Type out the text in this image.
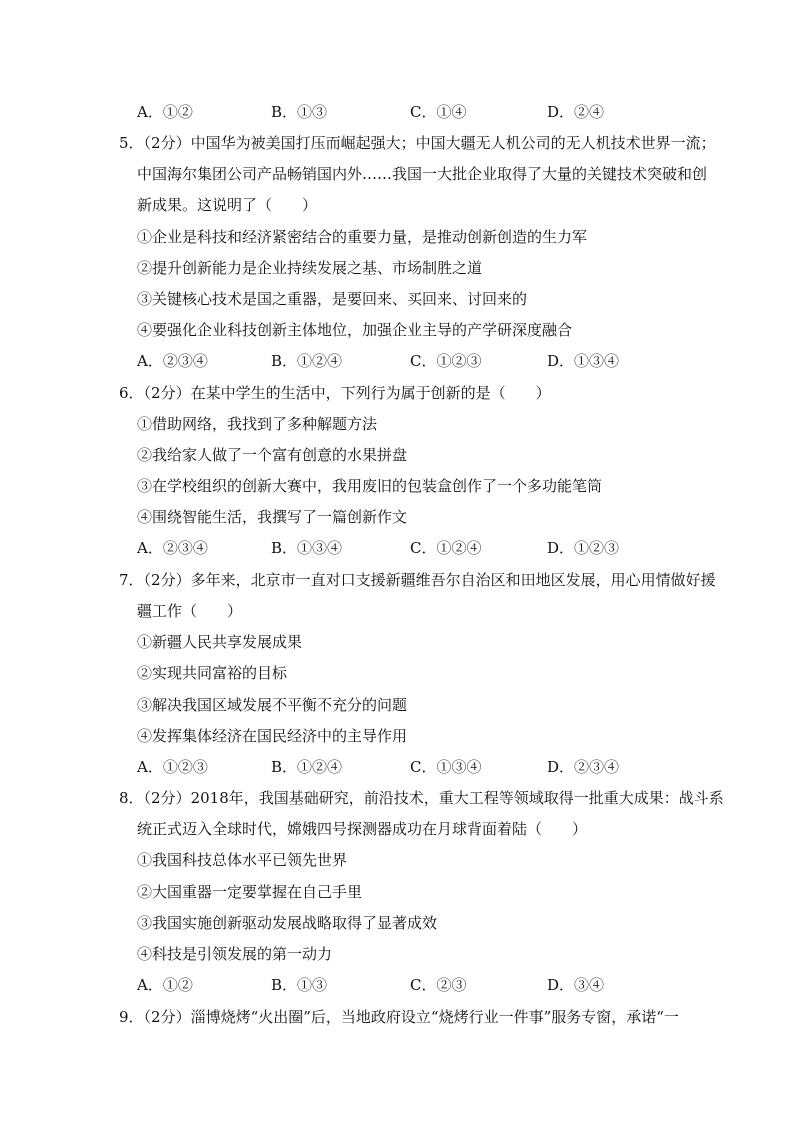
A．①②	B．①③	C．①④	D．②④
5．（2分）中国华为被美国打压而崛起强大；中国大疆无人机公司的无人机技术世界一流；
中国海尔集团公司产品畅销国内外……我国一大批企业取得了大量的关键技术突破和创
新成果。这说明了（　　）
①企业是科技和经济紧密结合的重要力量，是推动创新创造的生力军
②提升创新能力是企业持续发展之基、市场制胜之道
③关键核心技术是国之重器，是要回来、买回来、讨回来的
④要强化企业科技创新主体地位，加强企业主导的产学研深度融合
A．②③④	B．①②④	C．①②③	D．①③④
6．（2分）在某中学生的生活中，下列行为属于创新的是（　　）
①借助网络，我找到了多种解题方法
②我给家人做了一个富有创意的水果拼盘
③在学校组织的创新大赛中，我用废旧的包装盒创作了一个多功能笔筒
④围绕智能生活，我撰写了一篇创新作文
A．②③④	B．①③④	C．①②④	D．①②③
7．（2分）多年来，北京市一直对口支援新疆维吾尔自治区和田地区发展，用心用情做好援
疆工作（　　）
①新疆人民共享发展成果
②实现共同富裕的目标
③解决我国区域发展不平衡不充分的问题
④发挥集体经济在国民经济中的主导作用
A．①②③	B．①②④	C．①③④	D．②③④
8．（2分）2018年，我国基础研究，前沿技术，重大工程等领域取得一批重大成果：战斗系
统正式迈入全球时代，嫦娥四号探测器成功在月球背面着陆（　　）
①我国科技总体水平已领先世界
②大国重器一定要掌握在自己手里
③我国实施创新驱动发展战略取得了显著成效
④科技是引领发展的第一动力
A．①②	B．①③	C．②③	D．③④
9．（2分）淄博烧烤“火出圈”后，当地政府设立“烧烤行业一件事”服务专窗，承诺“一
